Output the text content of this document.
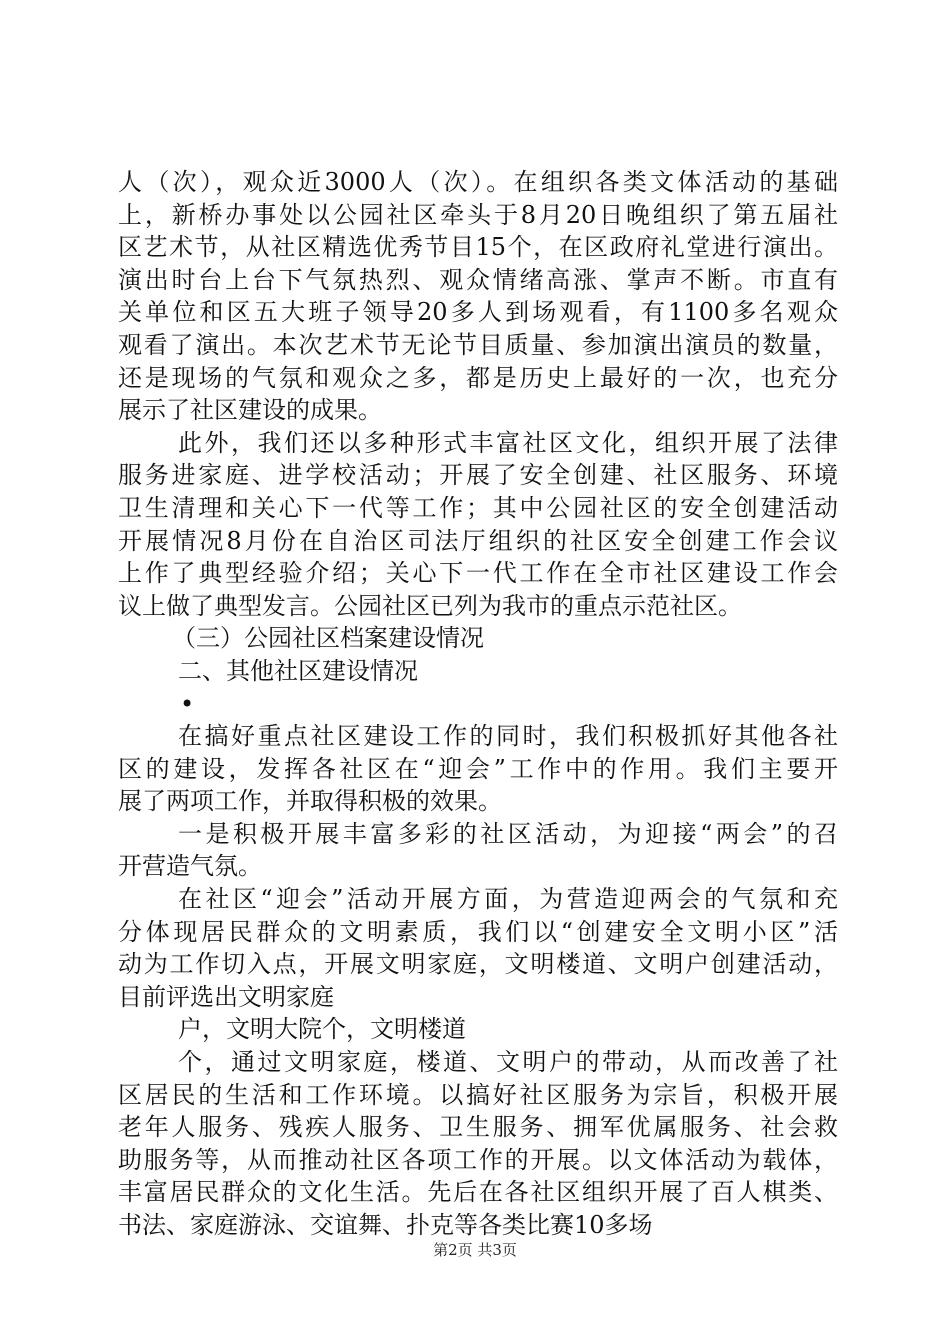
人（次），观众近3000人（次）。在组织各类文体活动的基础
上，新桥办事处以公园社区牵头于8月20日晚组织了第五届社
区艺术节，从社区精选优秀节目15个，在区政府礼堂进行演出。
演出时台上台下气氛热烈、观众情绪高涨、掌声不断。市直有
关单位和区五大班子领导20多人到场观看，有1100多名观众
观看了演出。本次艺术节无论节目质量、参加演出演员的数量，
还是现场的气氛和观众之多，都是历史上最好的一次，也充分
展示了社区建设的成果。
此外，我们还以多种形式丰富社区文化，组织开展了法律
服务进家庭、进学校活动；开展了安全创建、社区服务、环境
卫生清理和关心下一代等工作；其中公园社区的安全创建活动
开展情况8月份在自治区司法厅组织的社区安全创建工作会议
上作了典型经验介绍；关心下一代工作在全市社区建设工作会
议上做了典型发言。公园社区已列为我市的重点示范社区。
（三）公园社区档案建设情况
二、其他社区建设情况
•
在搞好重点社区建设工作的同时，我们积极抓好其他各社
区的建设，发挥各社区在“迎会”工作中的作用。我们主要开
展了两项工作，并取得积极的效果。
一是积极开展丰富多彩的社区活动，为迎接“两会”的召
开营造气氛。
在社区“迎会”活动开展方面，为营造迎两会的气氛和充
分体现居民群众的文明素质，我们以“创建安全文明小区”活
动为工作切入点，开展文明家庭，文明楼道、文明户创建活动，
目前评选出文明家庭
户，文明大院个，文明楼道
个，通过文明家庭，楼道、文明户的带动，从而改善了社
区居民的生活和工作环境。以搞好社区服务为宗旨，积极开展
老年人服务、残疾人服务、卫生服务、拥军优属服务、社会救
助服务等，从而推动社区各项工作的开展。以文体活动为载体，
丰富居民群众的文化生活。先后在各社区组织开展了百人棋类、
书法、家庭游泳、交谊舞、扑克等各类比赛10多场
第2页 共3页
